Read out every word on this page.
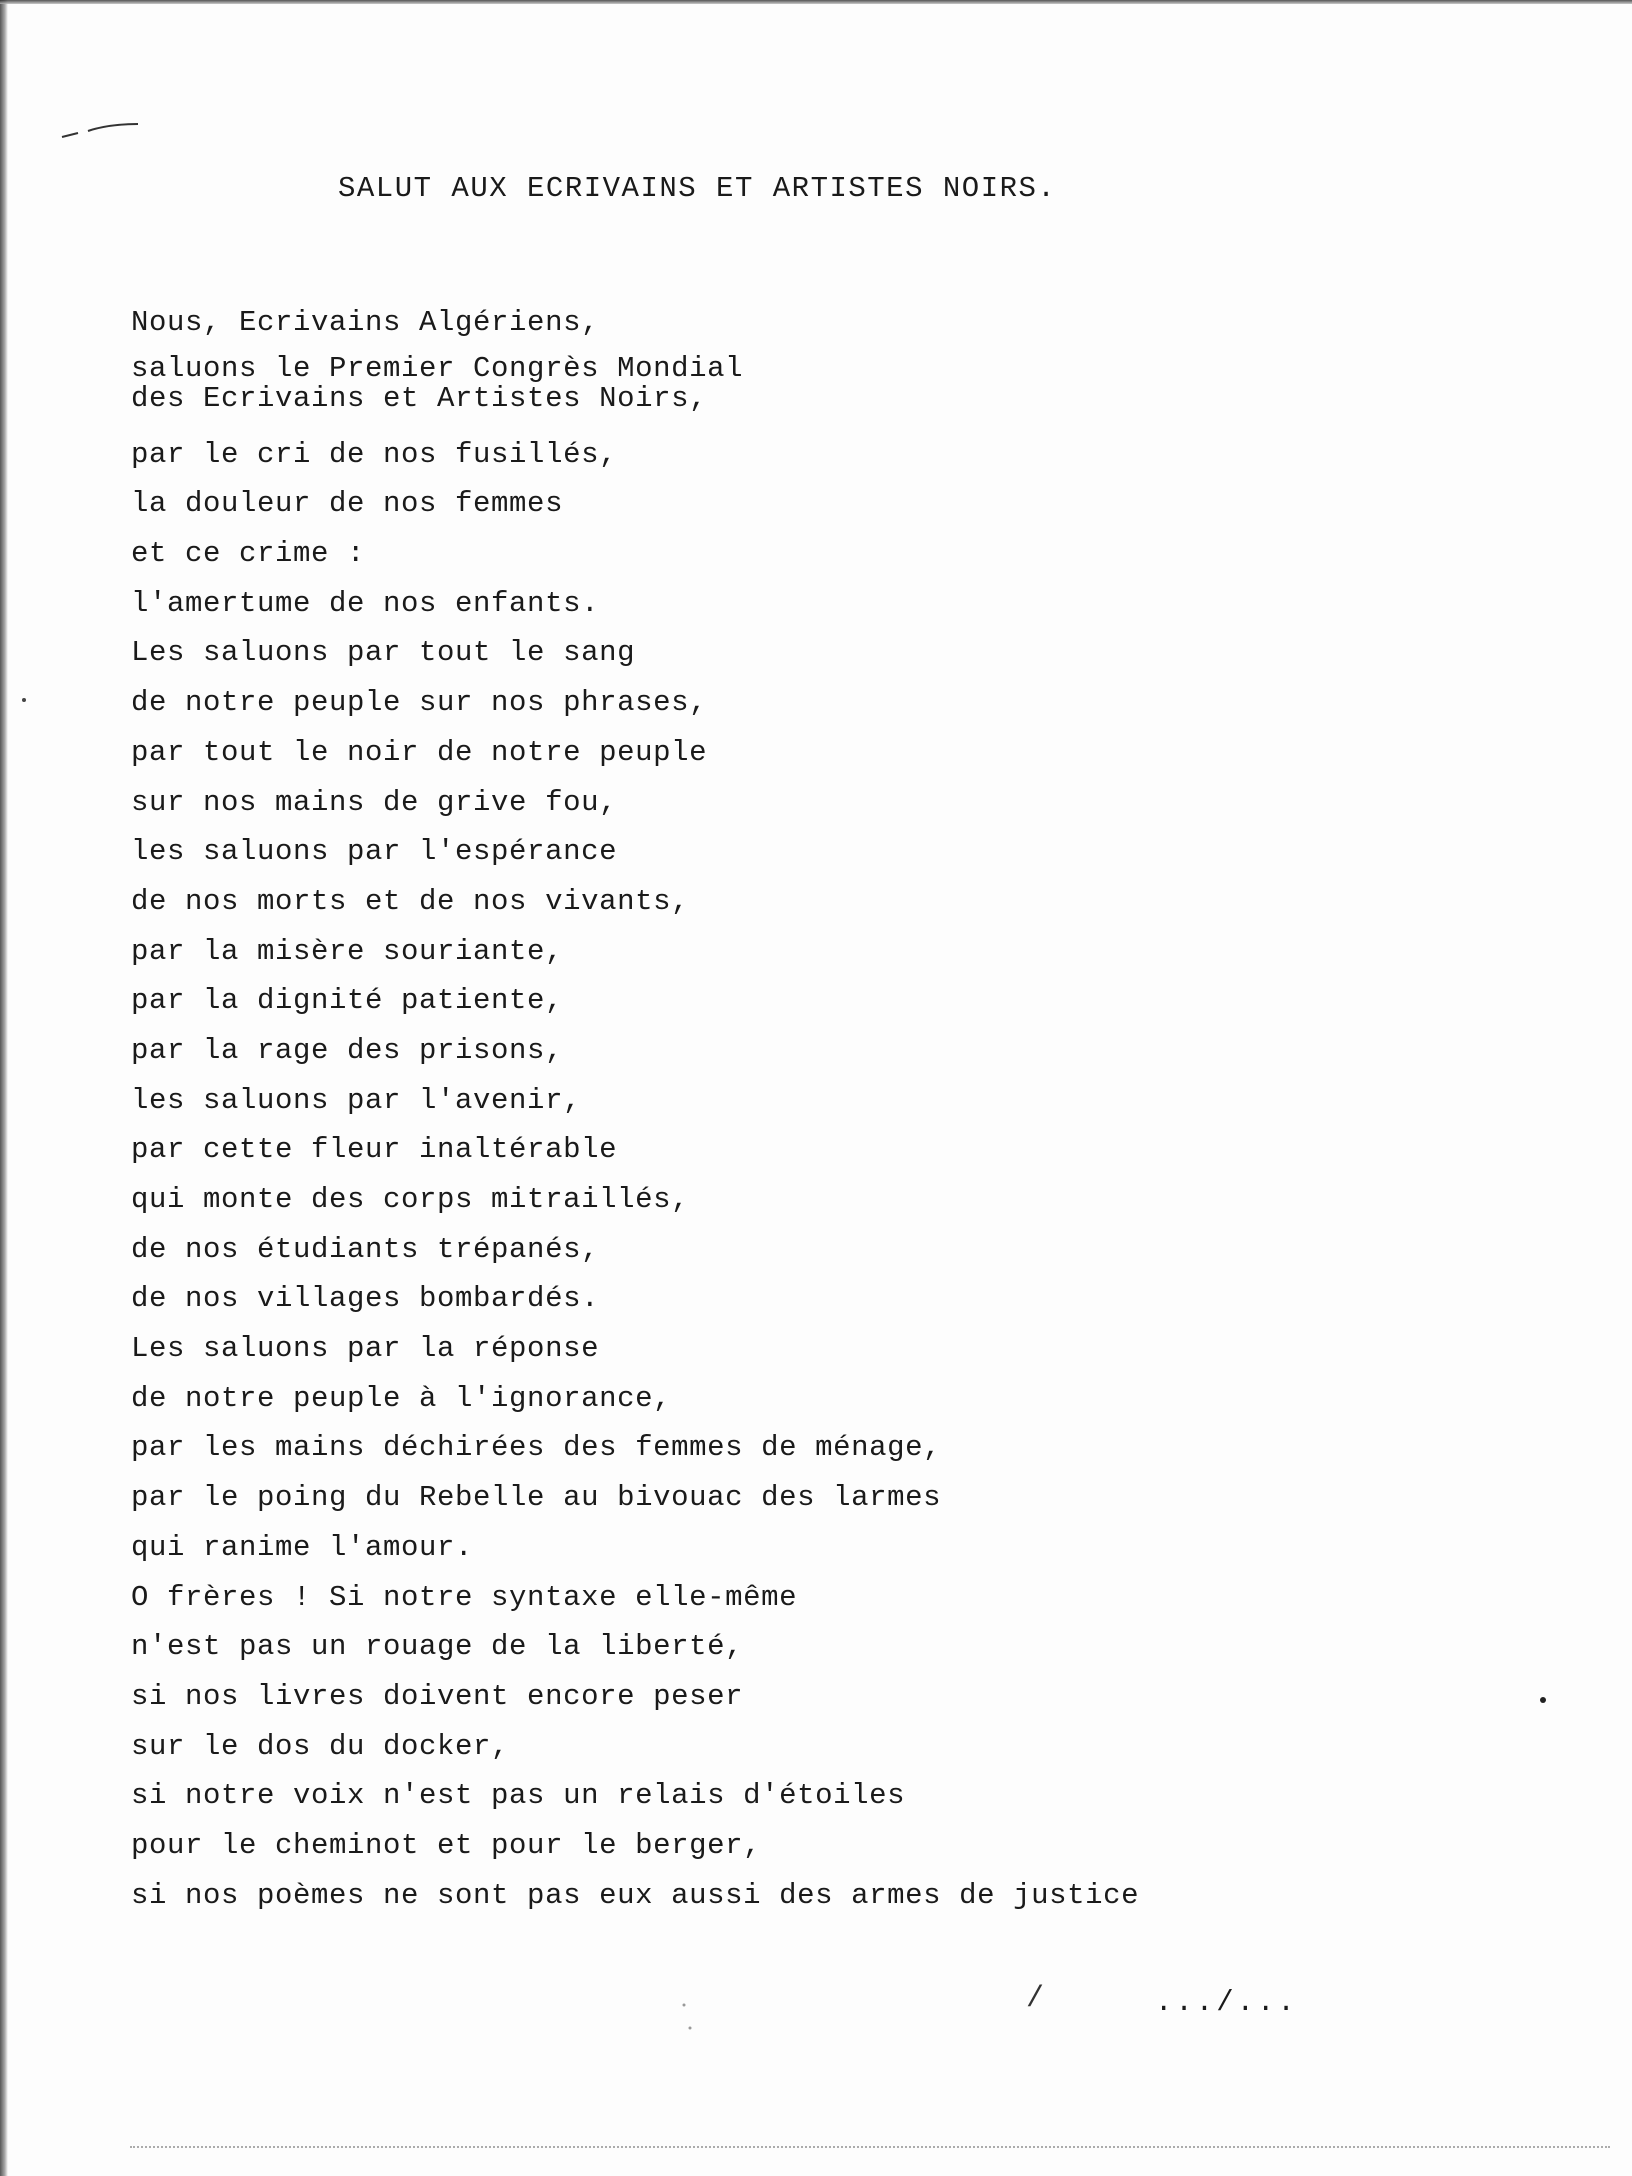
SALUT AUX ECRIVAINS ET ARTISTES NOIRS.
Nous, Ecrivains Algériens,
saluons le Premier Congrès Mondial
des Ecrivains et Artistes Noirs,
par le cri de nos fusillés,
la douleur de nos femmes
et ce crime :
l'amertume de nos enfants.
Les saluons par tout le sang
de notre peuple sur nos phrases,
par tout le noir de notre peuple
sur nos mains de grive fou,
les saluons par l'espérance
de nos morts et de nos vivants,
par la misère souriante,
par la dignité patiente,
par la rage des prisons,
les saluons par l'avenir,
par cette fleur inaltérable
qui monte des corps mitraillés,
de nos étudiants trépanés,
de nos villages bombardés.
Les saluons par la réponse
de notre peuple à l'ignorance,
par les mains déchirées des femmes de ménage,
par le poing du Rebelle au bivouac des larmes
qui ranime l'amour.
O frères ! Si notre syntaxe elle-même
n'est pas un rouage de la liberté,
si nos livres doivent encore peser
sur le dos du docker,
si notre voix n'est pas un relais d'étoiles
pour le cheminot et pour le berger,
si nos poèmes ne sont pas eux aussi des armes de justice
/	.../...
